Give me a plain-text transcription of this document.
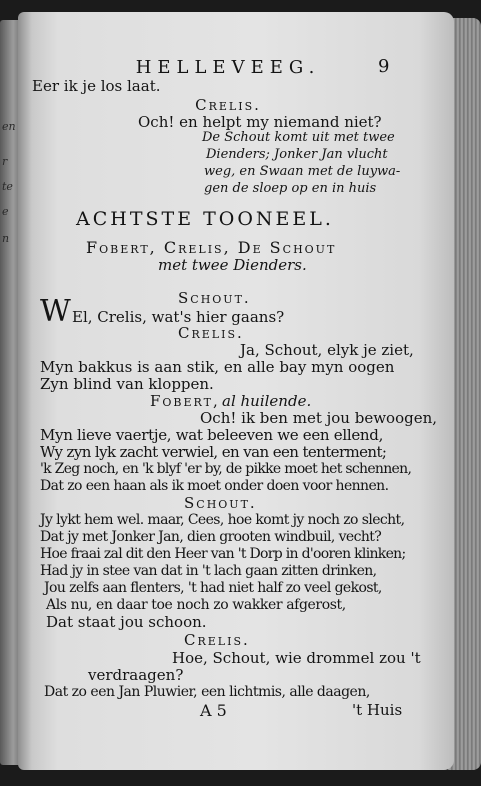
en
r
te
e
n
HELLEVEEG.	9
Eer ik je los laat.
Crelis.
Och! en helpt my niemand niet?
De Schout komt uit met twee
Dienders; Jonker Jan vlucht
weg, en Swaan met de luywa-
gen de sloep op en in huis
ACHTSTE TOONEEL.
Fobert, Crelis, De Schout
met twee Dienders.
Schout.
W El, Crelis, wat's hier gaans?
Crelis.
Ja, Schout, elyk je ziet,
Myn bakkus is aan stik, en alle bay myn oogen
Zyn blind van kloppen.
Fobert, al huilende.
Och! ik ben met jou bewoogen,
Myn lieve vaertje, wat beleeven we een ellend,
Wy zyn lyk zacht verwiel, en van een tenterment;
'k Zeg noch, en 'k blyf 'er by, de pikke moet het schennen,
Dat zo een haan als ik moet onder doen voor hennen.
Schout.
Jy lykt hem wel. maar, Cees, hoe komt jy noch zo slecht,
Dat jy met Jonker Jan, dien grooten windbuil, vecht?
Hoe fraai zal dit den Heer van 't Dorp in d'ooren klinken;
Had jy in stee van dat in 't lach gaan zitten drinken,
Jou zelfs aan flenters, 't had niet half zo veel gekost,
Als nu, en daar toe noch zo wakker afgerost,
Dat staat jou schoon.
Crelis.
Hoe, Schout, wie drommel zou 't
verdraagen?
Dat zo een Jan Pluwier, een lichtmis, alle daagen,
A 5	't Huis
